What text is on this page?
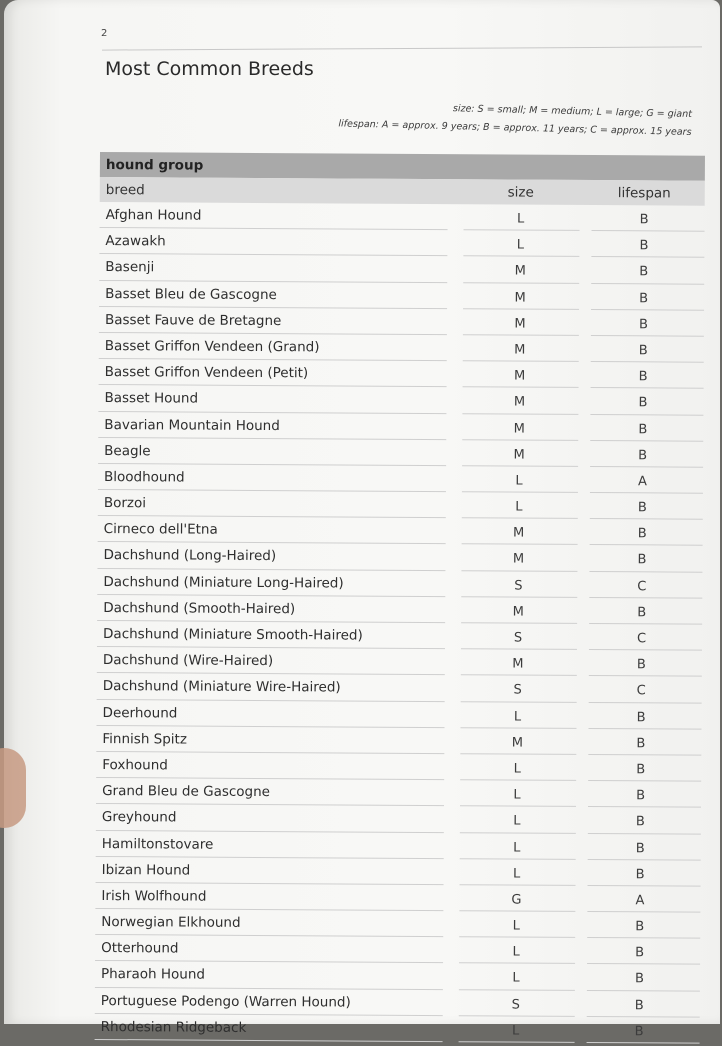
2
Most Common Breeds
size: S = small; M = medium; L = large; G = giant
lifespan: A = approx. 9 years; B = approx. 11 years; C = approx. 15 years
hound group
breed	size	lifespan
Afghan Hound	L	B
Azawakh	L	B
Basenji	M	B
Basset Bleu de Gascogne	M	B
Basset Fauve de Bretagne	M	B
Basset Griffon Vendeen (Grand)	M	B
Basset Griffon Vendeen (Petit)	M	B
Basset Hound	M	B
Bavarian Mountain Hound	M	B
Beagle	M	B
Bloodhound	L	A
Borzoi	L	B
Cirneco dell'Etna	M	B
Dachshund (Long-Haired)	M	B
Dachshund (Miniature Long-Haired)	S	C
Dachshund (Smooth-Haired)	M	B
Dachshund (Miniature Smooth-Haired)	S	C
Dachshund (Wire-Haired)	M	B
Dachshund (Miniature Wire-Haired)	S	C
Deerhound	L	B
Finnish Spitz	M	B
Foxhound	L	B
Grand Bleu de Gascogne	L	B
Greyhound	L	B
Hamiltonstovare	L	B
Ibizan Hound	L	B
Irish Wolfhound	G	A
Norwegian Elkhound	L	B
Otterhound	L	B
Pharaoh Hound	L	B
Portuguese Podengo (Warren Hound)	S	B
Rhodesian Ridgeback	L	B
